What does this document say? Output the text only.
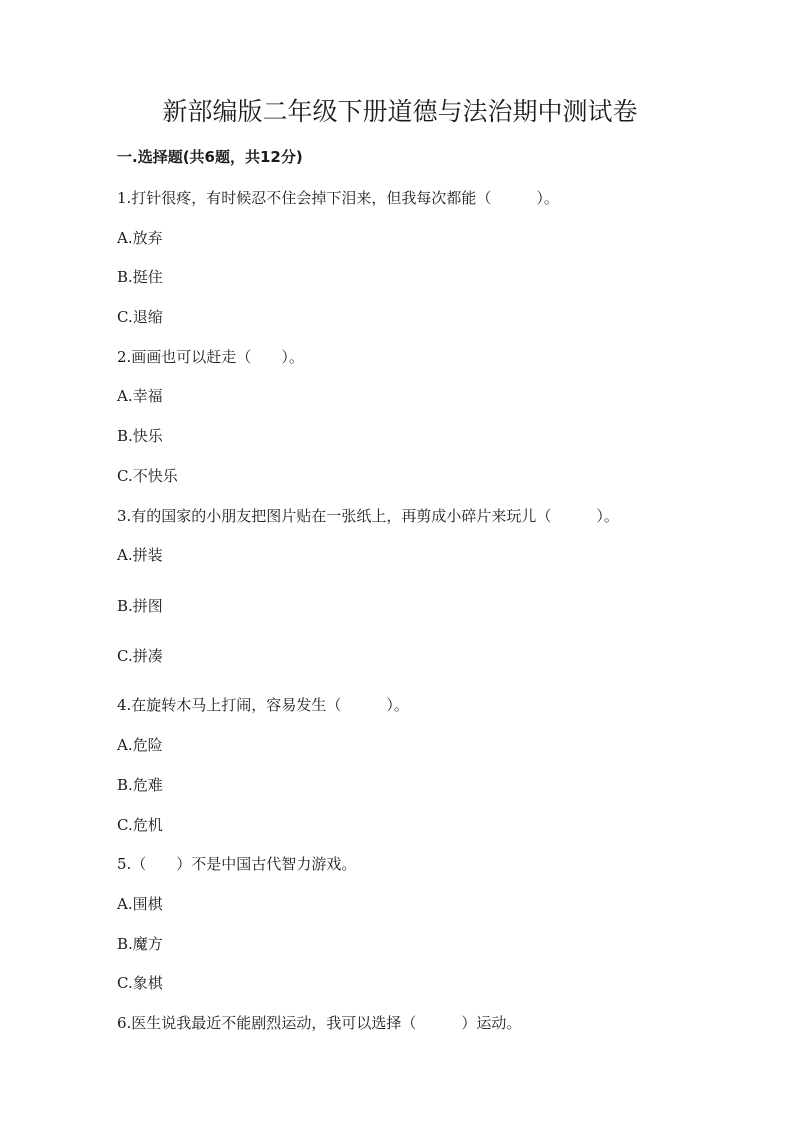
新部编版二年级下册道德与法治期中测试卷
一.选择题(共6题，共12分)
1.打针很疼，有时候忍不住会掉下泪来，但我每次都能（　　　）。
A.放弃
B.挺住
C.退缩
2.画画也可以赶走（　　）。
A.幸福
B.快乐
C.不快乐
3.有的国家的小朋友把图片贴在一张纸上，再剪成小碎片来玩儿（　　　）。
A.拼装
B.拼图
C.拼凑
4.在旋转木马上打闹，容易发生（　　　）。
A.危险
B.危难
C.危机
5.（　　）不是中国古代智力游戏。
A.围棋
B.魔方
C.象棋
6.医生说我最近不能剧烈运动，我可以选择（　　　）运动。
